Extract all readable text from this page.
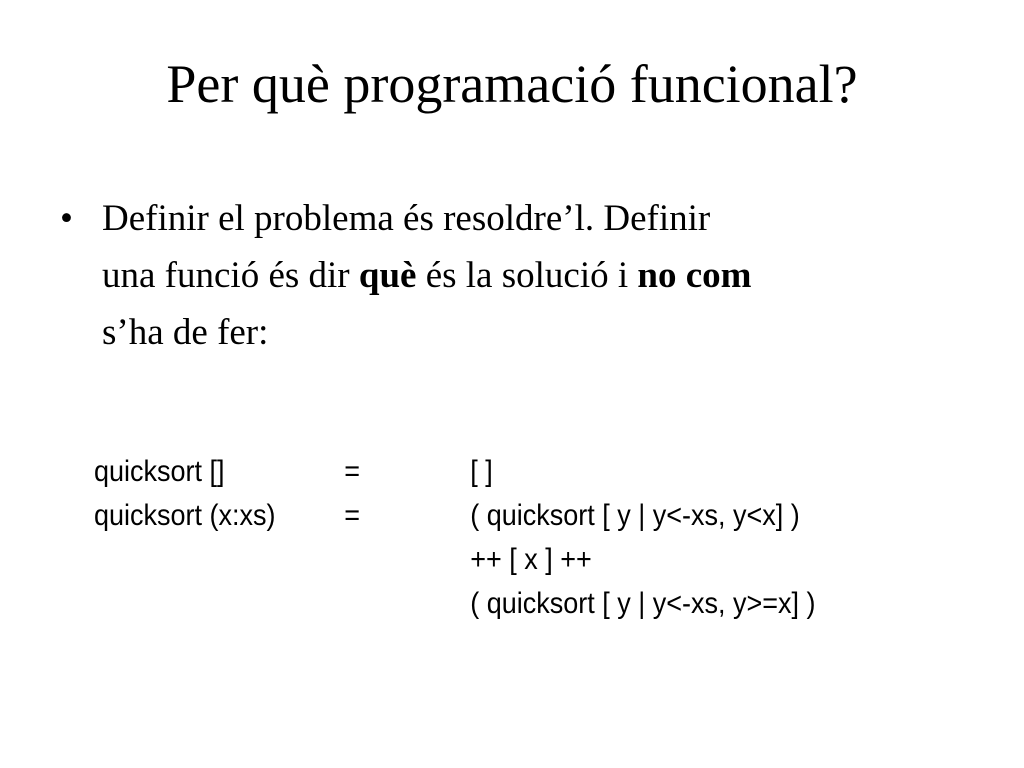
Per què programació funcional?
• Definir el problema és resoldre’l. Definir
una funció és dir què és la solució i no com
s’ha de fer:
quicksort []	=	[ ]
quicksort (x:xs) =	( quicksort [ y | y<-xs, y<x] )
++ [ x ] ++
( quicksort [ y | y<-xs, y>=x] )
